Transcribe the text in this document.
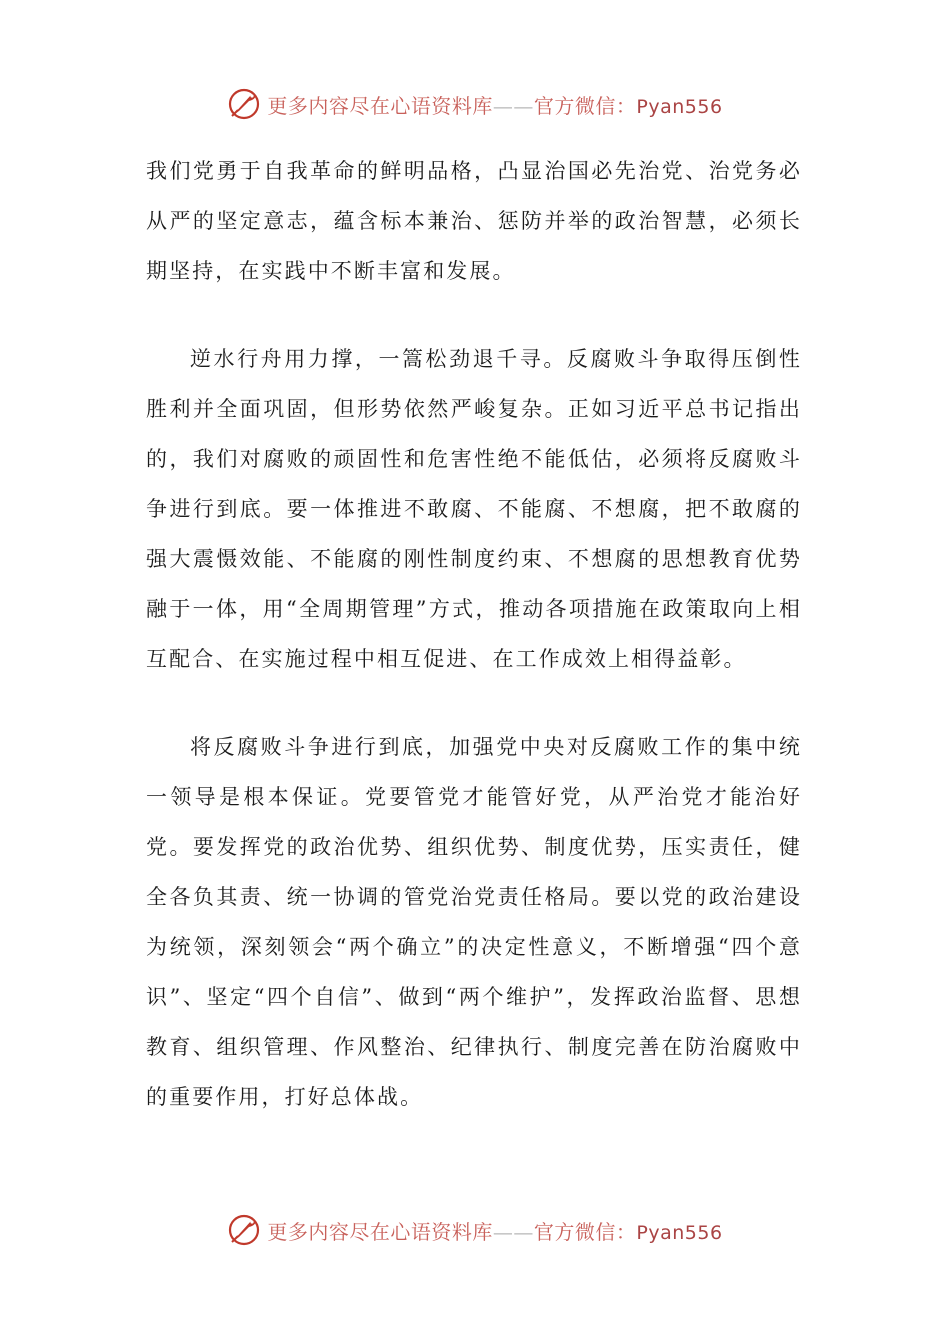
更多内容尽在心语资料库——官方微信：Pyan556

我们党勇于自我革命的鲜明品格，凸显治国必先治党、治党务必从严的坚定意志，蕴含标本兼治、惩防并举的政治智慧，必须长期坚持，在实践中不断丰富和发展。

逆水行舟用力撑，一篙松劲退千寻。反腐败斗争取得压倒性胜利并全面巩固，但形势依然严峻复杂。正如习近平总书记指出的，我们对腐败的顽固性和危害性绝不能低估，必须将反腐败斗争进行到底。要一体推进不敢腐、不能腐、不想腐，把不敢腐的强大震慑效能、不能腐的刚性制度约束、不想腐的思想教育优势融于一体，用“全周期管理”方式，推动各项措施在政策取向上相互配合、在实施过程中相互促进、在工作成效上相得益彰。

将反腐败斗争进行到底，加强党中央对反腐败工作的集中统一领导是根本保证。党要管党才能管好党，从严治党才能治好党。要发挥党的政治优势、组织优势、制度优势，压实责任，健全各负其责、统一协调的管党治党责任格局。要以党的政治建设为统领，深刻领会“两个确立”的决定性意义，不断增强“四个意识”、坚定“四个自信”、做到“两个维护”，发挥政治监督、思想教育、组织管理、作风整治、纪律执行、制度完善在防治腐败中的重要作用，打好总体战。

更多内容尽在心语资料库——官方微信：Pyan556
